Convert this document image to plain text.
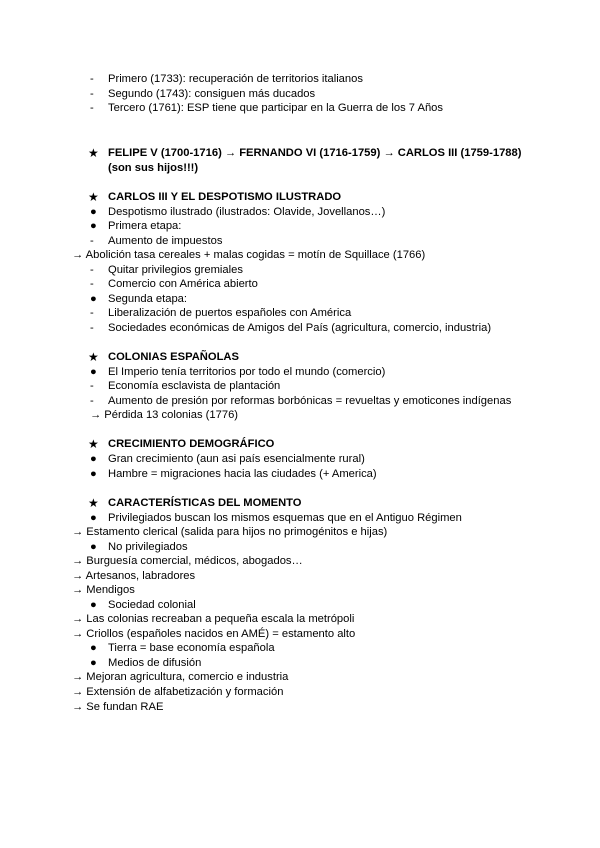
- Primero (1733): recuperación de territorios italianos
- Segundo (1743): consiguen más ducados
- Tercero (1761): ESP tiene que participar en la Guerra de los 7 Años
★ FELIPE V (1700-1716) → FERNANDO VI (1716-1759) → CARLOS III (1759-1788)
(son sus hijos!!!)
★ CARLOS III Y EL DESPOTISMO ILUSTRADO
● Despotismo ilustrado (ilustrados: Olavide, Jovellanos…)
● Primera etapa:
- Aumento de impuestos
→ Abolición tasa cereales + malas cogidas = motín de Squillace (1766)
- Quitar privilegios gremiales
- Comercio con América abierto
● Segunda etapa:
- Liberalización de puertos españoles con América
- Sociedades económicas de Amigos del País (agricultura, comercio, industria)
★ COLONIAS ESPAÑOLAS
● El Imperio tenía territorios por todo el mundo (comercio)
- Economía esclavista de plantación
- Aumento de presión por reformas borbónicas = revueltas y emoticones indígenas
→ Pérdida 13 colonias (1776)
★ CRECIMIENTO DEMOGRÁFICO
● Gran crecimiento (aun asi país esencialmente rural)
● Hambre = migraciones hacia las ciudades (+ America)
★ CARACTERÍSTICAS DEL MOMENTO
● Privilegiados buscan los mismos esquemas que en el Antiguo Régimen
→ Estamento clerical (salida para hijos no primogénitos e hijas)
● No privilegiados
→ Burguesía comercial, médicos, abogados…
→ Artesanos, labradores
→ Mendigos
● Sociedad colonial
→ Las colonias recreaban a pequeña escala la metrópoli
→ Criollos (españoles nacidos en AMÉ) = estamento alto
● Tierra = base economía española
● Medios de difusión
→ Mejoran agricultura, comercio e industria
→ Extensión de alfabetización y formación
→ Se fundan RAE
